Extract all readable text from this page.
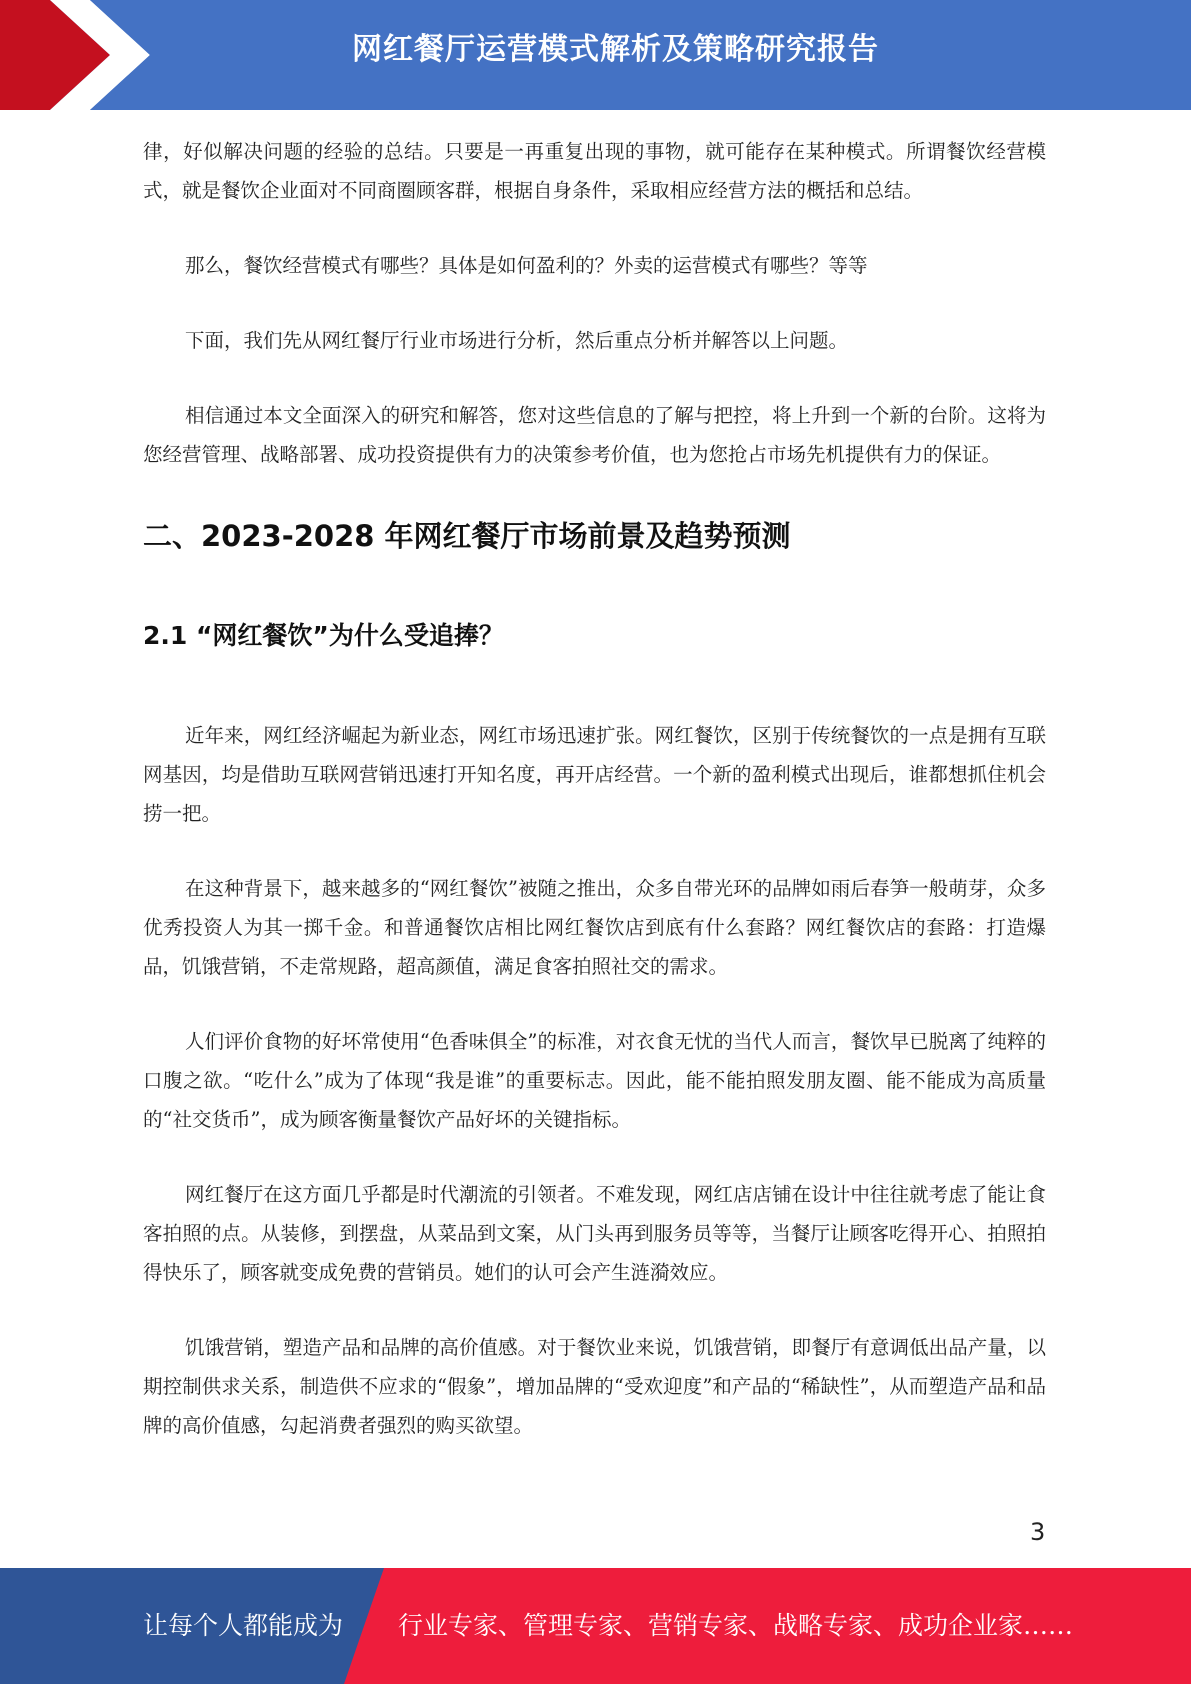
网红餐厅运营模式解析及策略研究报告

律，好似解决问题的经验的总结。只要是一再重复出现的事物，就可能存在某种模式。所谓餐饮经营模式，就是餐饮企业面对不同商圈顾客群，根据自身条件，采取相应经营方法的概括和总结。

那么，餐饮经营模式有哪些？具体是如何盈利的？外卖的运营模式有哪些？等等

下面，我们先从网红餐厅行业市场进行分析，然后重点分析并解答以上问题。

相信通过本文全面深入的研究和解答，您对这些信息的了解与把控，将上升到一个新的台阶。这将为您经营管理、战略部署、成功投资提供有力的决策参考价值，也为您抢占市场先机提供有力的保证。

二、2023-2028 年网红餐厅市场前景及趋势预测
2.1 “网红餐饮”为什么受追捧？

近年来，网红经济崛起为新业态，网红市场迅速扩张。网红餐饮，区别于传统餐饮的一点是拥有互联网基因，均是借助互联网营销迅速打开知名度，再开店经营。一个新的盈利模式出现后，谁都想抓住机会捞一把。

在这种背景下，越来越多的“网红餐饮”被随之推出，众多自带光环的品牌如雨后春笋一般萌芽，众多优秀投资人为其一掷千金。和普通餐饮店相比网红餐饮店到底有什么套路？网红餐饮店的套路：打造爆品，饥饿营销，不走常规路，超高颜值，满足食客拍照社交的需求。

人们评价食物的好坏常使用“色香味俱全”的标准，对衣食无忧的当代人而言，餐饮早已脱离了纯粹的口腹之欲。“吃什么”成为了体现“我是谁”的重要标志。因此，能不能拍照发朋友圈、能不能成为高质量的“社交货币”，成为顾客衡量餐饮产品好坏的关键指标。

网红餐厅在这方面几乎都是时代潮流的引领者。不难发现，网红店店铺在设计中往往就考虑了能让食客拍照的点。从装修，到摆盘，从菜品到文案，从门头再到服务员等等，当餐厅让顾客吃得开心、拍照拍得快乐了，顾客就变成免费的营销员。她们的认可会产生涟漪效应。

饥饿营销，塑造产品和品牌的高价值感。对于餐饮业来说，饥饿营销，即餐厅有意调低出品产量，以期控制供求关系，制造供不应求的“假象”，增加品牌的“受欢迎度”和产品的“稀缺性”，从而塑造产品和品牌的高价值感，勾起消费者强烈的购买欲望。

3
让每个人都能成为 行业专家、管理专家、营销专家、战略专家、成功企业家……
